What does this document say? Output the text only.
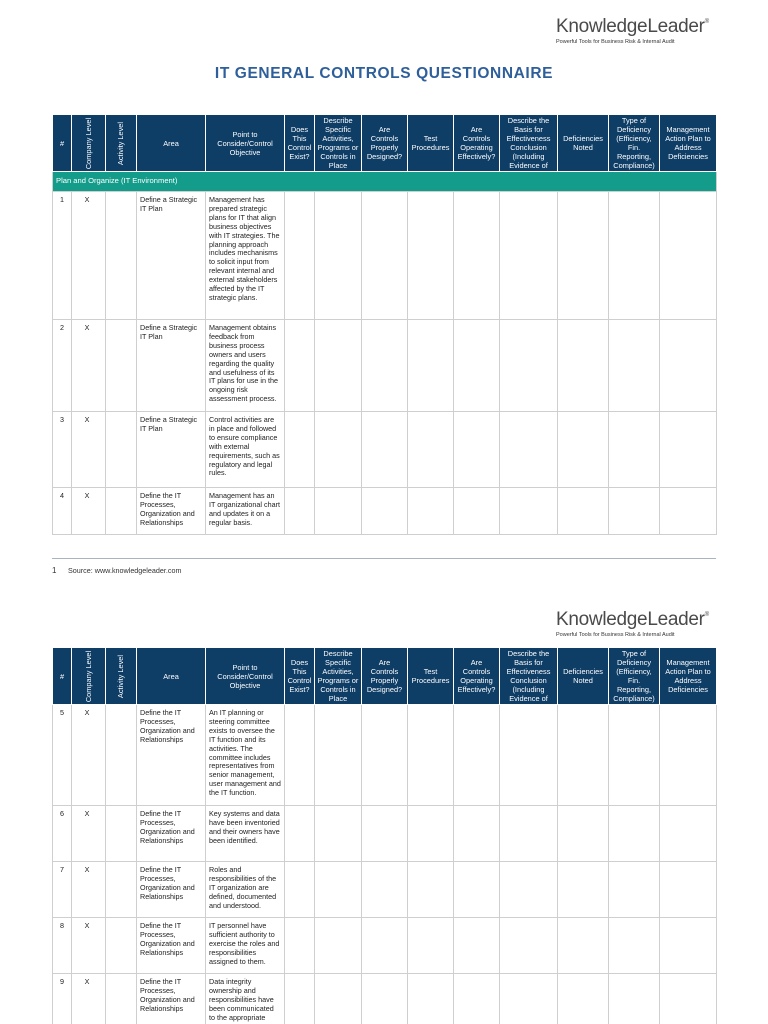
KnowledgeLeader®
Powerful Tools for Business Risk & Internal Audit
IT GENERAL CONTROLS QUESTIONNAIRE
#	Company Level	Activity Level	Area	Point to Consider/Control Objective	Does This Control Exist?	Describe Specific Activities, Programs or Controls in Place	Are Controls Properly Designed?	Test Procedures	Are Controls Operating Effectively?	Describe the Basis for Effectiveness Conclusion (Including Evidence of	Deficiencies Noted	Type of Deficiency (Efficiency, Fin. Reporting, Compliance)	Management Action Plan to Address Deficiencies

Plan and Organize (IT Environment)													
1	X		Define a Strategic IT Plan	Management has prepared strategic plans for IT that align business objectives with IT strategies. The planning approach includes mechanisms to solicit input from relevant internal and external stakeholders affected by the IT strategic plans.									
2	X		Define a Strategic IT Plan	Management obtains feedback from business process owners and users regarding the quality and usefulness of its IT plans for use in the ongoing risk assessment process.									
3	X		Define a Strategic IT Plan	Control activities are in place and followed to ensure compliance with external requirements, such as regulatory and legal rules.									
4	X		Define the IT Processes, Organization and Relationships	Management has an IT organizational chart and updates it on a regular basis.									
1 Source: www.knowledgeleader.com
KnowledgeLeader®
Powerful Tools for Business Risk & Internal Audit
#	Company Level	Activity Level	Area	Point to Consider/Control Objective	Does This Control Exist?	Describe Specific Activities, Programs or Controls in Place	Are Controls Properly Designed?	Test Procedures	Are Controls Operating Effectively?	Describe the Basis for Effectiveness Conclusion (Including Evidence of	Deficiencies Noted	Type of Deficiency (Efficiency, Fin. Reporting, Compliance)	Management Action Plan to Address Deficiencies

5	X		Define the IT Processes, Organization and Relationships	An IT planning or steering committee exists to oversee the IT function and its activities. The committee includes representatives from senior management, user management and the IT function.									
6	X		Define the IT Processes, Organization and Relationships	Key systems and data have been inventoried and their owners have been identified.									
7	X		Define the IT Processes, Organization and Relationships	Roles and responsibilities of the IT organization are defined, documented and understood.									
8	X		Define the IT Processes, Organization and Relationships	IT personnel have sufficient authority to exercise the roles and responsibilities assigned to them.									
9	X		Define the IT Processes, Organization and Relationships	Data integrity ownership and responsibilities have been communicated to the appropriate									
